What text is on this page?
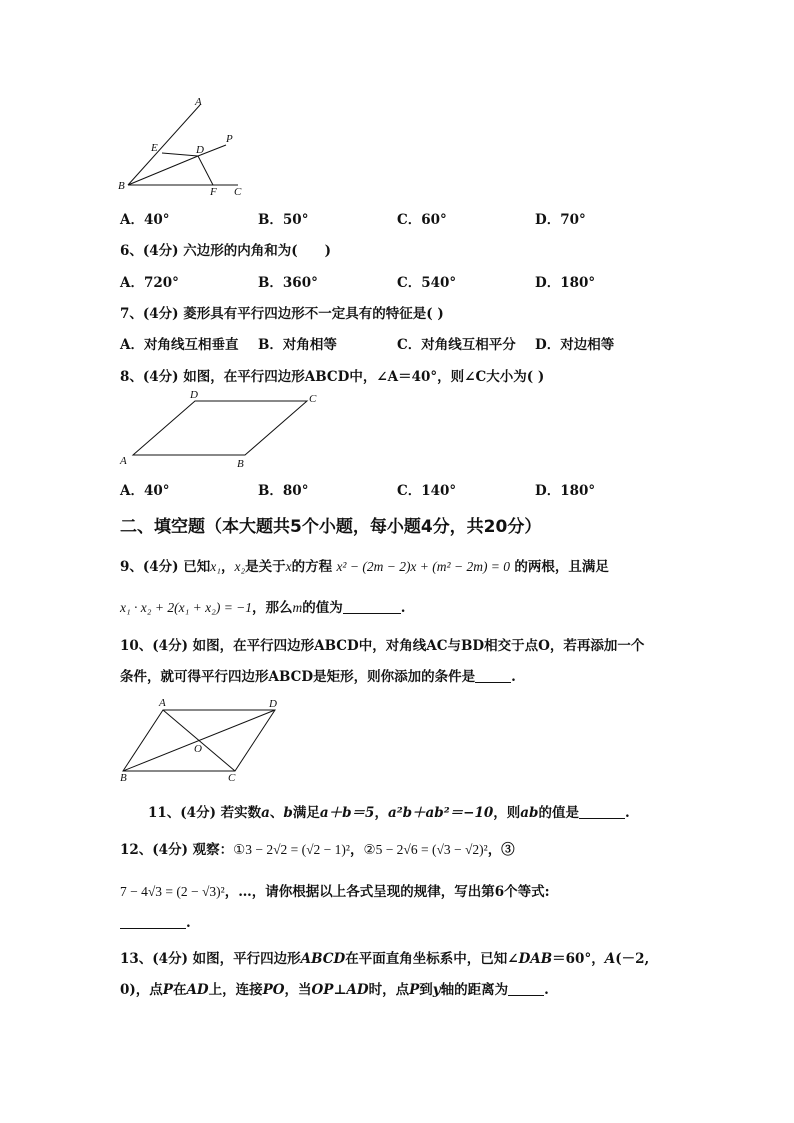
A
P
E	D
B	F C
A．40°	B．50°	C．60°	D．70°
6、(4分) 六边形的内角和为(　　)
A．720°	B．360°	C．540°	D．180°
7、(4分) 菱形具有平行四边形不一定具有的特征是( )
A．对角线互相垂直 B．对角相等	C．对角线互相平分 D．对边相等
8、(4分) 如图，在平行四边形ABCD中，∠A＝40°，则∠C大小为( )
D	C
A	B
A．40°	B．80°	C．140°	D．180°
二、填空题（本大题共5个小题，每小题4分，共20分）
9、(4分) 已知x₁，x₂是关于x的方程 x² − (2m − 2)x + (m² − 2m) = 0 的两根，且满足
x₁ · x₂ + 2(x₁ + x₂) = −1，那么m的值为	.
10、(4分) 如图，在平行四边形ABCD中，对角线AC与BD相交于点O，若再添加一个
条件，就可得平行四边形ABCD是矩形，则你添加的条件是	.
A	D
O
B	C
11、(4分) 若实数a、b满足a＋b＝5，a²b＋ab²＝−10，则ab的值是	.
12、(4分) 观察：①3 − 2√2 = (√2 − 1)²，②5 − 2√6 = (√3 − √2)²，③
7 − 4√3 = (2 − √3)²，…，请你根据以上各式呈现的规律，写出第6个等式:
.
13、(4分) 如图，平行四边形ABCD在平面直角坐标系中，已知∠DAB＝60°，A(－2,
0)，点P在AD上，连接PO，当OP⊥AD时，点P到y轴的距离为	.
